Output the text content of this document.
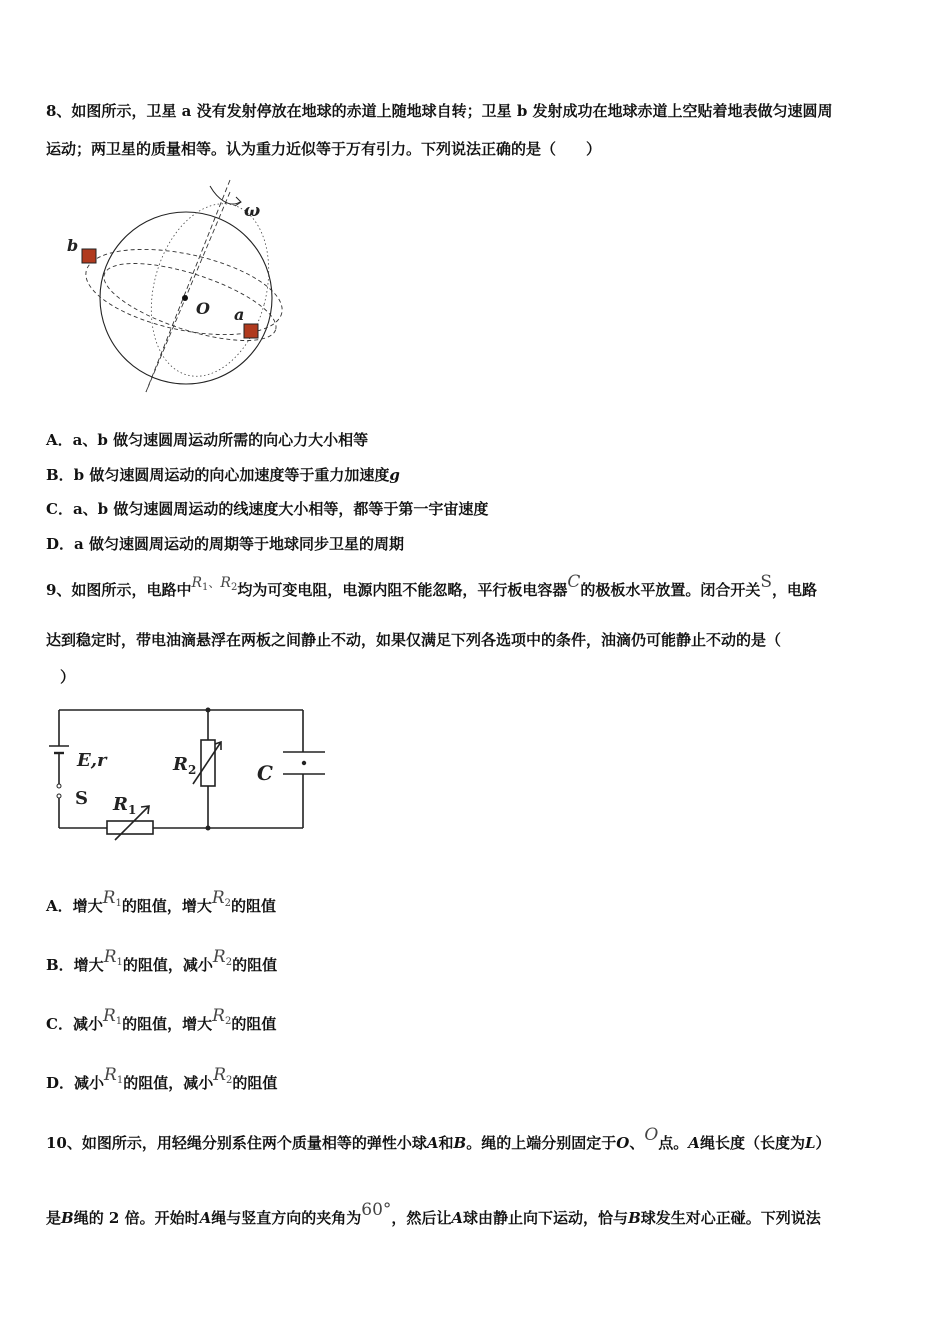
8、如图所示，卫星 a 没有发射停放在地球的赤道上随地球自转；卫星 b 发射成功在地球赤道上空贴着地表做匀速圆周
运动；两卫星的质量相等。认为重力近似等于万有引力。下列说法正确的是（　　）
ω
O
b
a
A．a、b 做匀速圆周运动所需的向心力大小相等
B．b 做匀速圆周运动的向心加速度等于重力加速度g
C．a、b 做匀速圆周运动的线速度大小相等，都等于第一宇宙速度
D．a 做匀速圆周运动的周期等于地球同步卫星的周期
9、如图所示，电路中$R_1^、R_2$均为可变电阻，电源内阻不能忽略，平行板电容器C的极板水平放置。闭合开关S，电路
达到稳定时，带电油滴悬浮在两板之间静止不动，如果仅满足下列各选项中的条件，油滴仍可能静止不动的是（
）
E,r
S $R_1$
$R_2$	C
A．增大$R_1$的阻值，增大$R_2$的阻值
B．增大$R_1$的阻值，减小$R_2$的阻值
C．减小$R_1$的阻值，增大$R_2$的阻值
D．减小$R_1$的阻值，减小$R_2$的阻值
10、如图所示，用轻绳分别系住两个质量相等的弹性小球A和B。绳的上端分别固定于O、O点。A绳长度（长度为L）
是B绳的 2 倍。开始时A绳与竖直方向的夹角为60°，然后让A球由静止向下运动，恰与B球发生对心正碰。下列说法
